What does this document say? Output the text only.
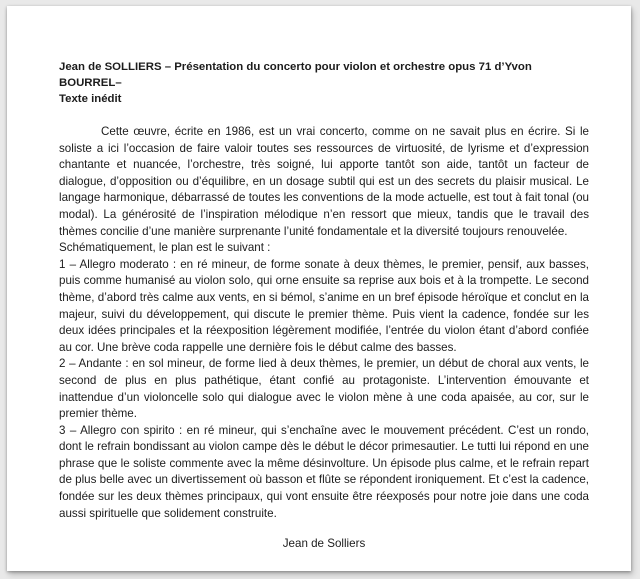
Jean de SOLLIERS – Présentation du concerto pour violon et orchestre opus 71 d’Yvon BOURREL–
Texte inédit

Cette œuvre, écrite en 1986, est un vrai concerto, comme on ne savait plus en écrire. Si le soliste a ici l’occasion de faire valoir toutes ses ressources de virtuosité, de lyrisme et d’expression chantante et nuancée, l’orchestre, très soigné, lui apporte tantôt son aide, tantôt un facteur de dialogue, d’opposition ou d’équilibre, en un dosage subtil qui est un des secrets du plaisir musical. Le langage harmonique, débarrassé de toutes les conventions de la mode actuelle, est tout à fait tonal (ou modal). La générosité de l’inspiration mélodique n’en ressort que mieux, tandis que le travail des thèmes concilie d’une manière surprenante l’unité fondamentale et la diversité toujours renouvelée.

Schématiquement, le plan est le suivant :

1 – Allegro moderato : en ré mineur, de forme sonate à deux thèmes, le premier, pensif, aux basses, puis comme humanisé au violon solo, qui orne ensuite sa reprise aux bois et à la trompette. Le second thème, d’abord très calme aux vents, en si bémol, s’anime en un bref épisode héroïque et conclut en la majeur, suivi du développement, qui discute le premier thème. Puis vient la cadence, fondée sur les deux idées principales et la réexposition légèrement modifiée, l’entrée du violon étant d’abord confiée au cor. Une brève coda rappelle une dernière fois le début calme des basses.

2 – Andante : en sol mineur, de forme lied à deux thèmes, le premier, un début de choral aux vents, le second de plus en plus pathétique, étant confié au protagoniste. L’intervention émouvante et inattendue d’un violoncelle solo qui dialogue avec le violon mène à une coda apaisée, au cor, sur le premier thème.

3 – Allegro con spirito : en ré mineur, qui s’enchaîne avec le mouvement précédent. C’est un rondo, dont le refrain bondissant au violon campe dès le début le décor primesautier. Le tutti lui répond en une phrase que le soliste commente avec la même désinvolture. Un épisode plus calme, et le refrain repart de plus belle avec un divertissement où basson et flûte se répondent ironiquement. Et c’est la cadence, fondée sur les deux thèmes principaux, qui vont ensuite être réexposés pour notre joie dans une coda aussi spirituelle que solidement construite.

Jean de Solliers
